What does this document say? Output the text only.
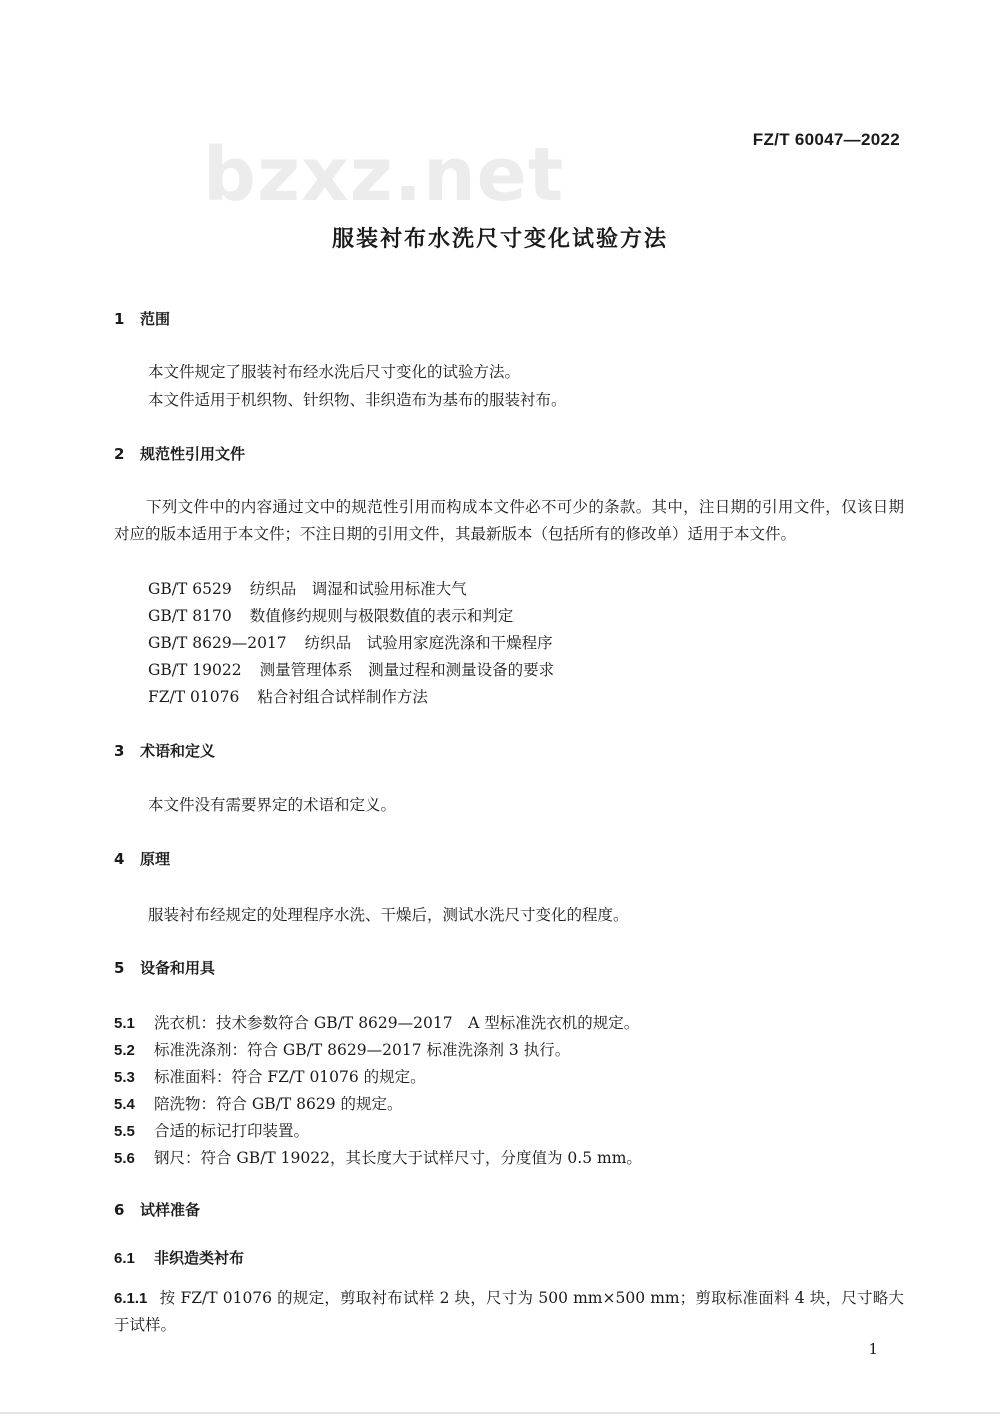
bzxz.net	FZ/T 60047—2022
服装衬布水洗尺寸变化试验方法
1 范围
本文件规定了服装衬布经水洗后尺寸变化的试验方法。
本文件适用于机织物、针织物、非织造布为基布的服装衬布。
2 规范性引用文件
下列文件中的内容通过文中的规范性引用而构成本文件必不可少的条款。其中，注日期的引用文件，仅该日期对应的版本适用于本文件；不注日期的引用文件，其最新版本（包括所有的修改单）适用于本文件。
GB/T 6529 纺织品　调湿和试验用标准大气
GB/T 8170 数值修约规则与极限数值的表示和判定
GB/T 8629—2017 纺织品　试验用家庭洗涤和干燥程序
GB/T 19022 测量管理体系　测量过程和测量设备的要求
FZ/T 01076 粘合衬组合试样制作方法
3 术语和定义
本文件没有需要界定的术语和定义。
4 原理
服装衬布经规定的处理程序水洗、干燥后，测试水洗尺寸变化的程度。
5 设备和用具
5.1 洗衣机：技术参数符合 GB/T 8629—2017　A 型标准洗衣机的规定。
5.2 标准洗涤剂：符合 GB/T 8629—2017 标准洗涤剂 3 执行。
5.3 标准面料：符合 FZ/T 01076 的规定。
5.4 陪洗物：符合 GB/T 8629 的规定。
5.5 合适的标记打印装置。
5.6 钢尺：符合 GB/T 19022，其长度大于试样尺寸，分度值为 0.5 mm。
6 试样准备
6.1 非织造类衬布
6.1.1 按 FZ/T 01076 的规定，剪取衬布试样 2 块，尺寸为 500 mm×500 mm；剪取标准面料 4 块，尺寸略大于试样。
1
